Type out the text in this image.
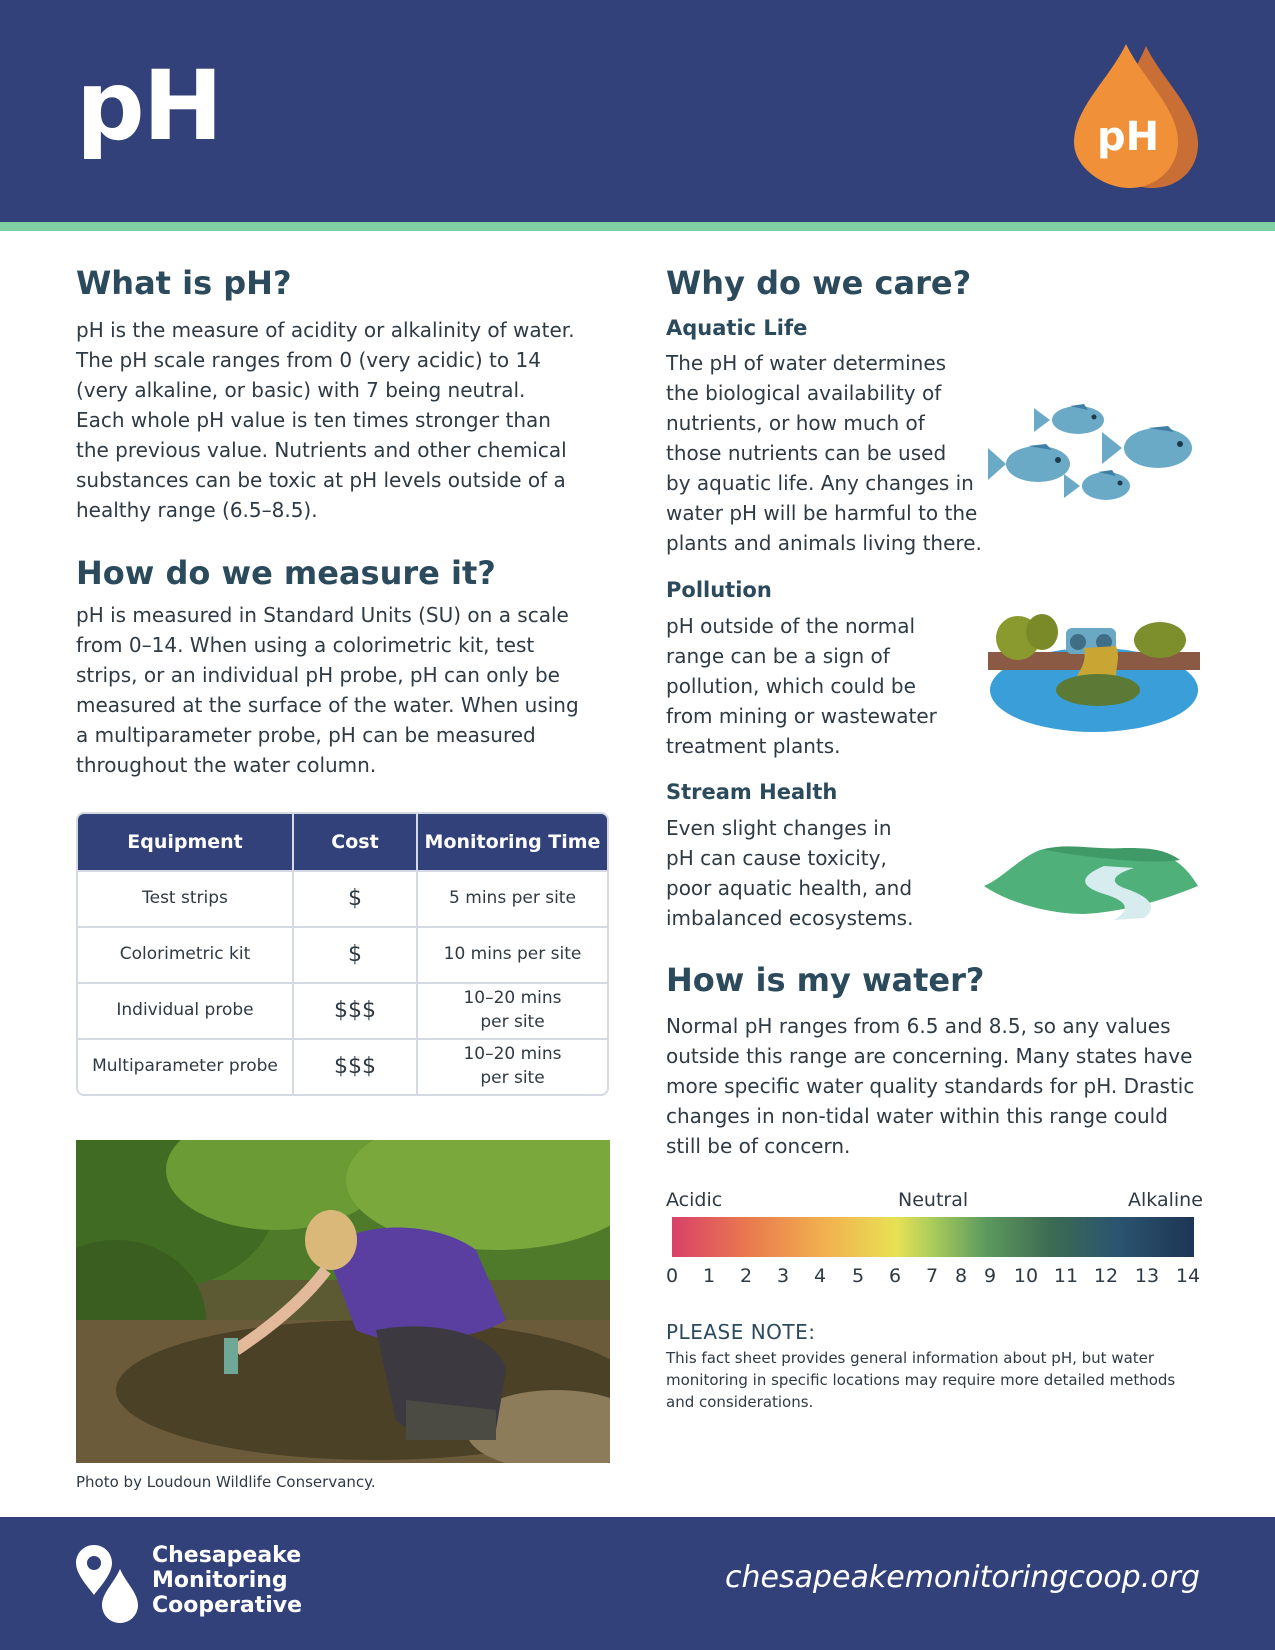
pH	pH
What is pH?
pH is the measure of acidity or alkalinity of water.
The pH scale ranges from 0 (very acidic) to 14
(very alkaline, or basic) with 7 being neutral.
Each whole pH value is ten times stronger than
the previous value. Nutrients and other chemical
substances can be toxic at pH levels outside of a
healthy range (6.5–8.5).
How do we measure it?
pH is measured in Standard Units (SU) on a scale
from 0–14. When using a colorimetric kit, test
strips, or an individual pH probe, pH can only be
measured at the surface of the water. When using
a multiparameter probe, pH can be measured
throughout the water column.
Equipment	Cost	Monitoring Time
Test strips	$	5 mins per site
Colorimetric kit	$	10 mins per site
Individual probe	$$$	10–20 mins
per site

Multiparameter probe	$$$	10–20 mins
per site
Photo by Loudoun Wildlife Conservancy.
Why do we care?
Aquatic Life
The pH of water determines
the biological availability of
nutrients, or how much of
those nutrients can be used
by aquatic life. Any changes in
water pH will be harmful to the
plants and animals living there.
Pollution
pH outside of the normal
range can be a sign of
pollution, which could be
from mining or wastewater
treatment plants.
Stream Health
Even slight changes in
pH can cause toxicity,
poor aquatic health, and
imbalanced ecosystems.
How is my water?
Normal pH ranges from 6.5 and 8.5, so any values
outside this range are concerning. Many states have
more specific water quality standards for pH. Drastic
changes in non-tidal water within this range could
still be of concern.
Acidic	Neutral	Alkaline
0 1 2 3 4 5 6 7 8 9 10 11 12 13 14
PLEASE NOTE:
This fact sheet provides general information about pH, but water
monitoring in specific locations may require more detailed methods
and considerations.
Chesapeake
Monitoring
Cooperative
chesapeakemonitoringcoop.org
